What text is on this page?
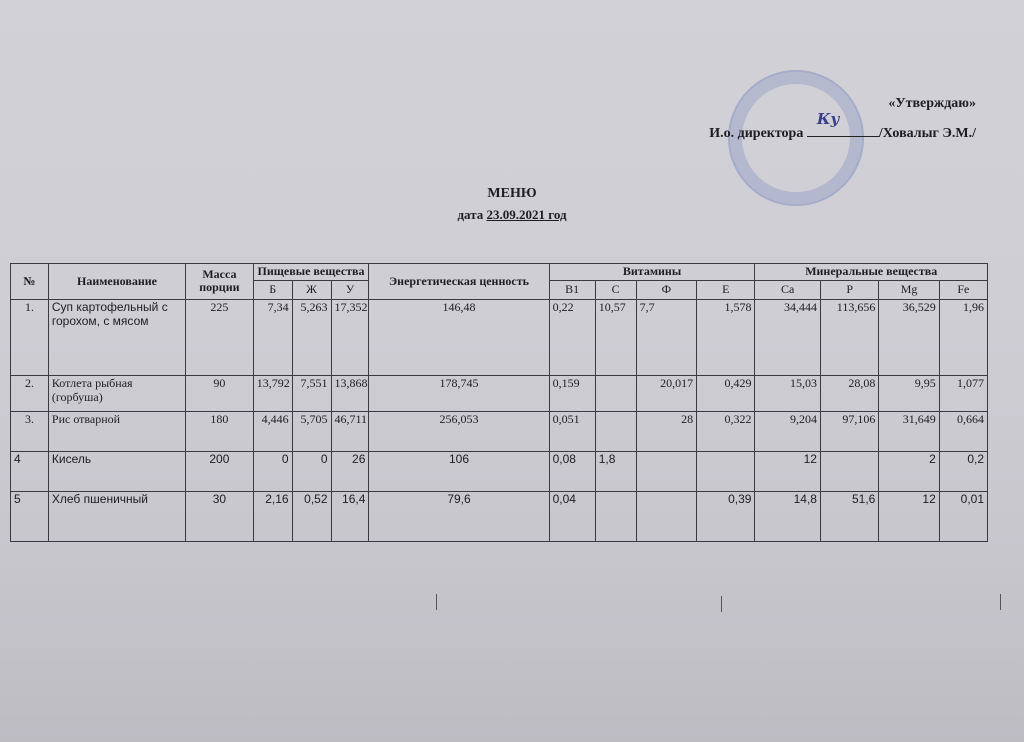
«Утверждаю»
И.о. директора
Ку
/Ховалыг Э.М./
МЕНЮ
дата 23.09.2021 год
№	Наименование	Масса порции	Пищевые вещества			Энергетическая ценность	Витамины				Минеральные вещества			
			Б	Ж	У		B1	C	Ф	E	Ca	P	Mg	Fe
1.	Суп картофельный с горохом, с мясом	225	7,34	5,263	17,352	146,48	0,22	10,57	7,7	1,578	34,444	113,656	36,529	1,96
2.	Котлета рыбная (горбуша)	90	13,792	7,551	13,868	178,745	0,159		20,017	0,429	15,03	28,08	9,95	1,077
3.	Рис отварной	180	4,446	5,705	46,711	256,053	0,051		28	0,322	9,204	97,106	31,649	0,664
4	Кисель	200	0	0	26	106	0,08	1,8			12		2	0,2
5	Хлеб пшеничный	30	2,16	0,52	16,4	79,6	0,04			0,39	14,8	51,6	12	0,01
